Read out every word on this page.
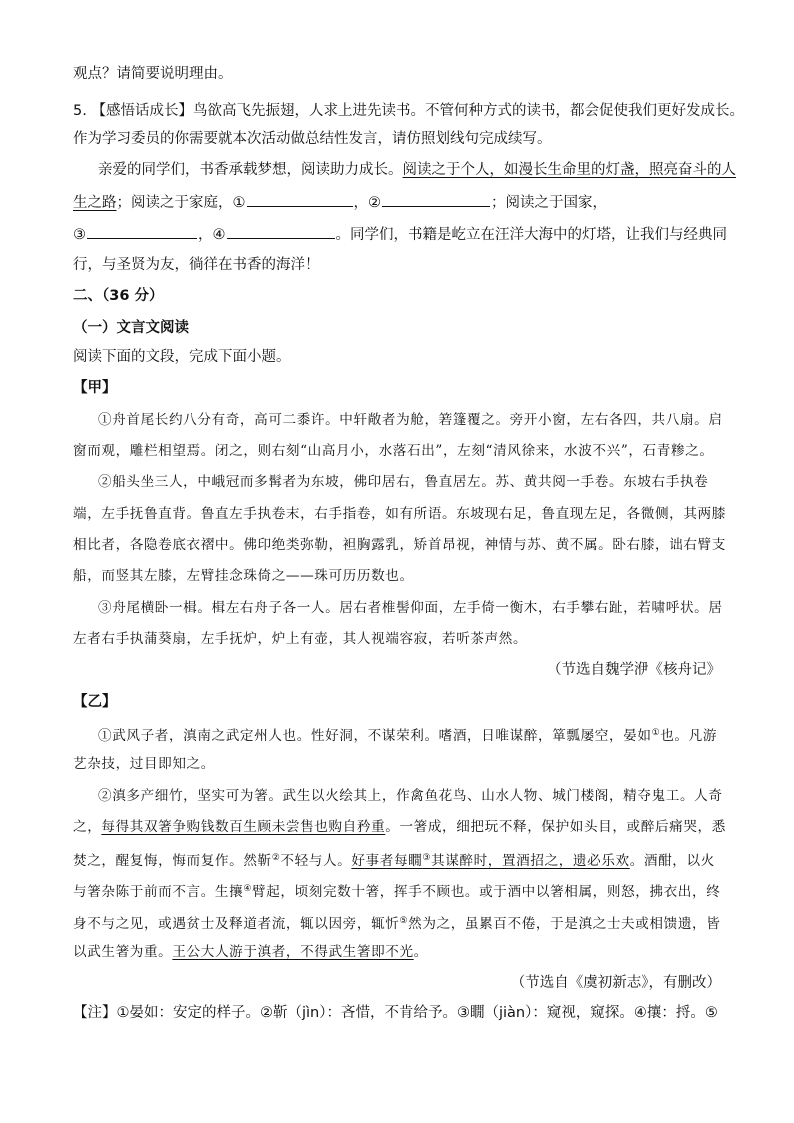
观点？请简要说明理由。
5. 【感悟话成长】鸟欲高飞先振翅，人求上进先读书。不管何种方式的读书，都会促使我们更好发成长。
作为学习委员的你需要就本次活动做总结性发言，请仿照划线句完成续写。
亲爱的同学们，书香承载梦想，阅读助力成长。阅读之于个人，如漫长生命里的灯盏，照亮奋斗的人
生之路；阅读之于家庭，①	，②	；阅读之于国家，
③	，④	。同学们，书籍是屹立在汪洋大海中的灯塔，让我们与经典同
行，与圣贤为友，徜徉在书香的海洋！
二、（36 分）
（一）文言文阅读
阅读下面的文段，完成下面小题。
【甲】
①舟首尾长约八分有奇，高可二黍许。中轩敞者为舱，箬篷覆之。旁开小窗，左右各四，共八扇。启
窗而观，雕栏相望焉。闭之，则右刻“山高月小，水落石出”，左刻“清风徐来，水波不兴”，石青糁之。
②船头坐三人，中峨冠而多髯者为东坡，佛印居右，鲁直居左。苏、黄共阅一手卷。东坡右手执卷
端，左手抚鲁直背。鲁直左手执卷末，右手指卷，如有所语。东坡现右足，鲁直现左足，各微侧，其两膝
相比者，各隐卷底衣褶中。佛印绝类弥勒，袒胸露乳，矫首昂视，神情与苏、黄不属。卧右膝，诎右臂支
船，而竖其左膝，左臂挂念珠倚之——珠可历历数也。
③舟尾横卧一楫。楫左右舟子各一人。居右者椎髻仰面，左手倚一衡木，右手攀右趾，若啸呼状。居
左者右手执蒲葵扇，左手抚炉，炉上有壶，其人视端容寂，若听茶声然。
（节选自魏学洢《核舟记》
【乙】
①武风子者，滇南之武定州人也。性好洞，不谋荣利。嗜酒，日唯谋醉，箪瓢屡空，晏如①也。凡游
艺杂技，过目即知之。
②滇多产细竹，坚实可为箸。武生以火绘其上，作禽鱼花鸟、山水人物、城门楼阁，精夺鬼工。人奇
之，每得其双箸争购钱数百生顾未尝售也购自矜重。一箸成，细把玩不释，保护如头目，或醉后痛哭，悉
焚之，醒复悔，悔而复作。然靳②不轻与人。好事者每瞯③其谋醉时，置酒招之，遗必乐欢。酒酣，以火
与箸杂陈于前而不言。生攘④臂起，顷刻完数十箸，挥手不顾也。或于酒中以箸相属，则怒，拂衣出，终
身不与之见，或遇贫士及释道者流，辄以因旁，辄忻⑤然为之，虽累百不倦，于是滇之士夫或相馈遗，皆
以武生箸为重。王公大人游于滇者，不得武生箸即不光。
（节选自《虞初新志》，有删改）
【注】①晏如：安定的样子。②靳（jìn）：吝惜，不肯给予。③瞯（jiàn）：窥视，窥探。④攘：捋。⑤
